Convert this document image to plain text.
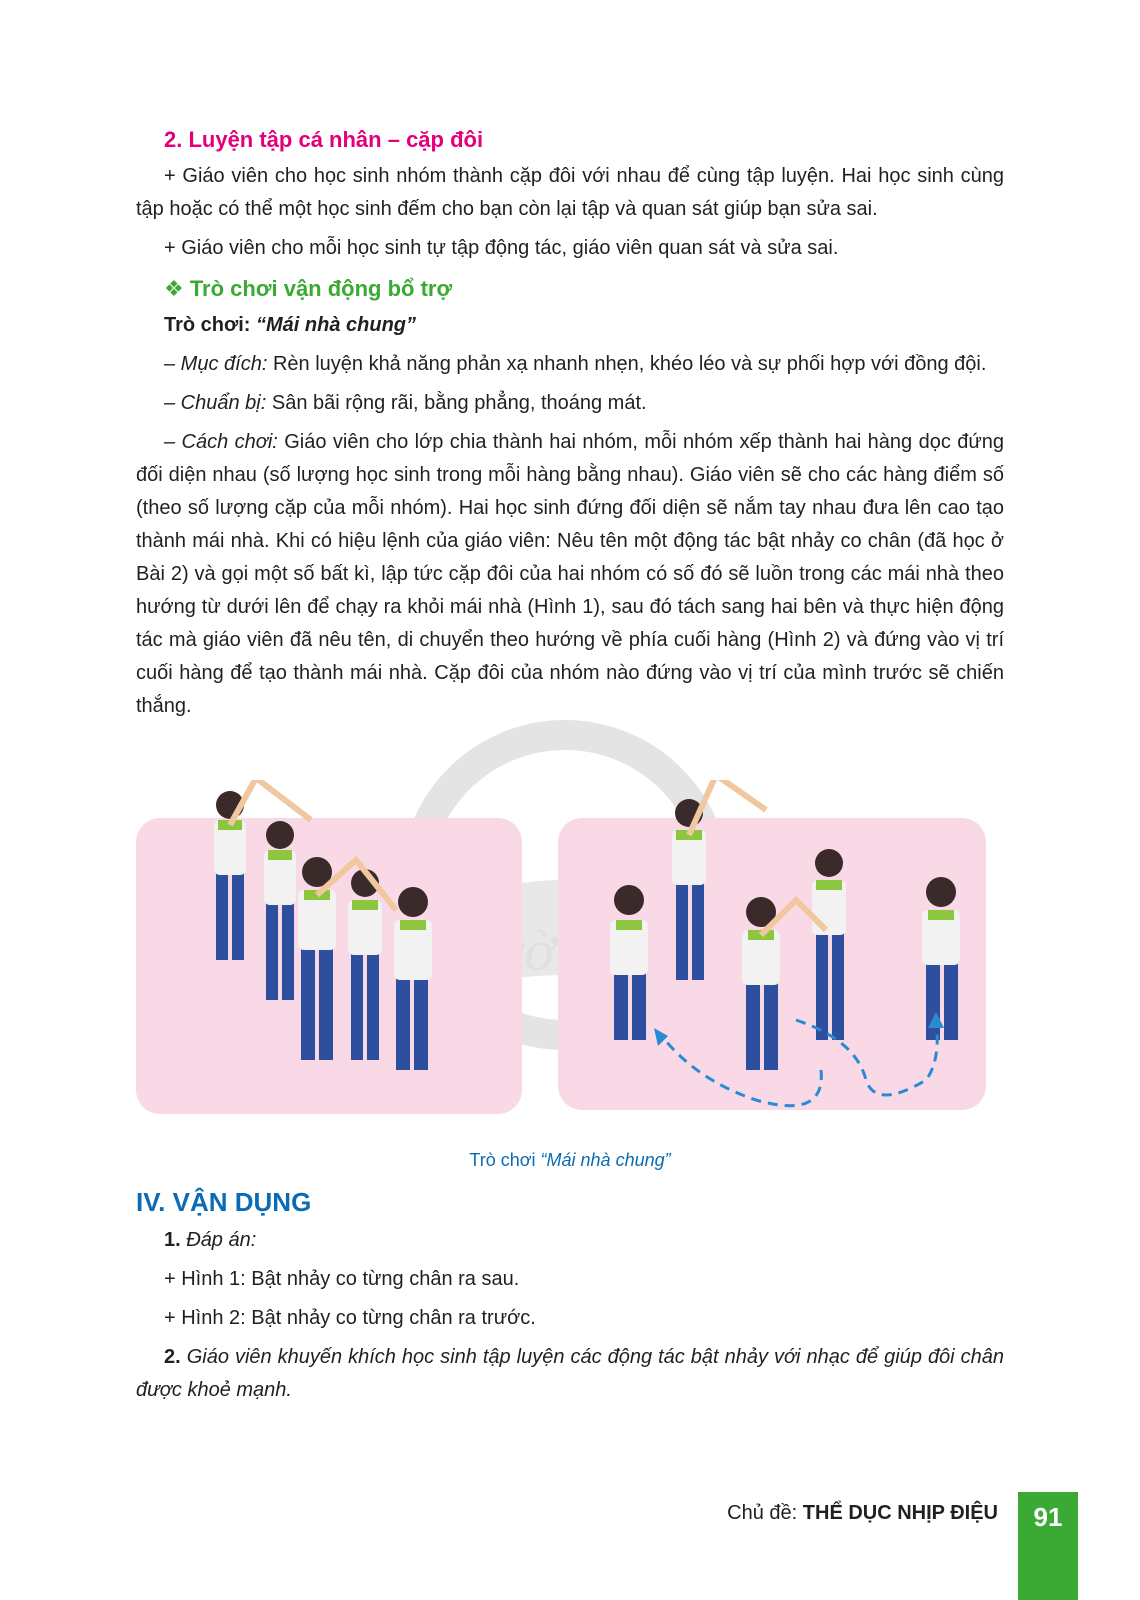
trời
2. Luyện tập cá nhân – cặp đôi

+ Giáo viên cho học sinh nhóm thành cặp đôi với nhau để cùng tập luyện. Hai học sinh cùng tập hoặc có thể một học sinh đếm cho bạn còn lại tập và quan sát giúp bạn sửa sai.

+ Giáo viên cho mỗi học sinh tự tập động tác, giáo viên quan sát và sửa sai.

❖ Trò chơi vận động bổ trợ

Trò chơi: “Mái nhà chung”

– Mục đích: Rèn luyện khả năng phản xạ nhanh nhẹn, khéo léo và sự phối hợp với đồng đội.

– Chuẩn bị: Sân bãi rộng rãi, bằng phẳng, thoáng mát.

– Cách chơi: Giáo viên cho lớp chia thành hai nhóm, mỗi nhóm xếp thành hai hàng dọc đứng đối diện nhau (số lượng học sinh trong mỗi hàng bằng nhau). Giáo viên sẽ cho các hàng điểm số (theo số lượng cặp của mỗi nhóm). Hai học sinh đứng đối diện sẽ nắm tay nhau đưa lên cao tạo thành mái nhà. Khi có hiệu lệnh của giáo viên: Nêu tên một động tác bật nhảy co chân (đã học ở Bài 2) và gọi một số bất kì, lập tức cặp đôi của hai nhóm có số đó sẽ luồn trong các mái nhà theo hướng từ dưới lên để chạy ra khỏi mái nhà (Hình 1), sau đó tách sang hai bên và thực hiện động tác mà giáo viên đã nêu tên, di chuyển theo hướng về phía cuối hàng (Hình 2) và đứng vào vị trí cuối hàng để tạo thành mái nhà. Cặp đôi của nhóm nào đứng vào vị trí của mình trước sẽ chiến thắng.

Trò chơi “Mái nhà chung”
IV. VẬN DỤNG

1. Đáp án:

+ Hình 1: Bật nhảy co từng chân ra sau.

+ Hình 2: Bật nhảy co từng chân ra trước.

2. Giáo viên khuyến khích học sinh tập luyện các động tác bật nhảy với nhạc để giúp đôi chân được khoẻ mạnh.

Chủ đề: THỂ DỤC NHỊP ĐIỆU	91
